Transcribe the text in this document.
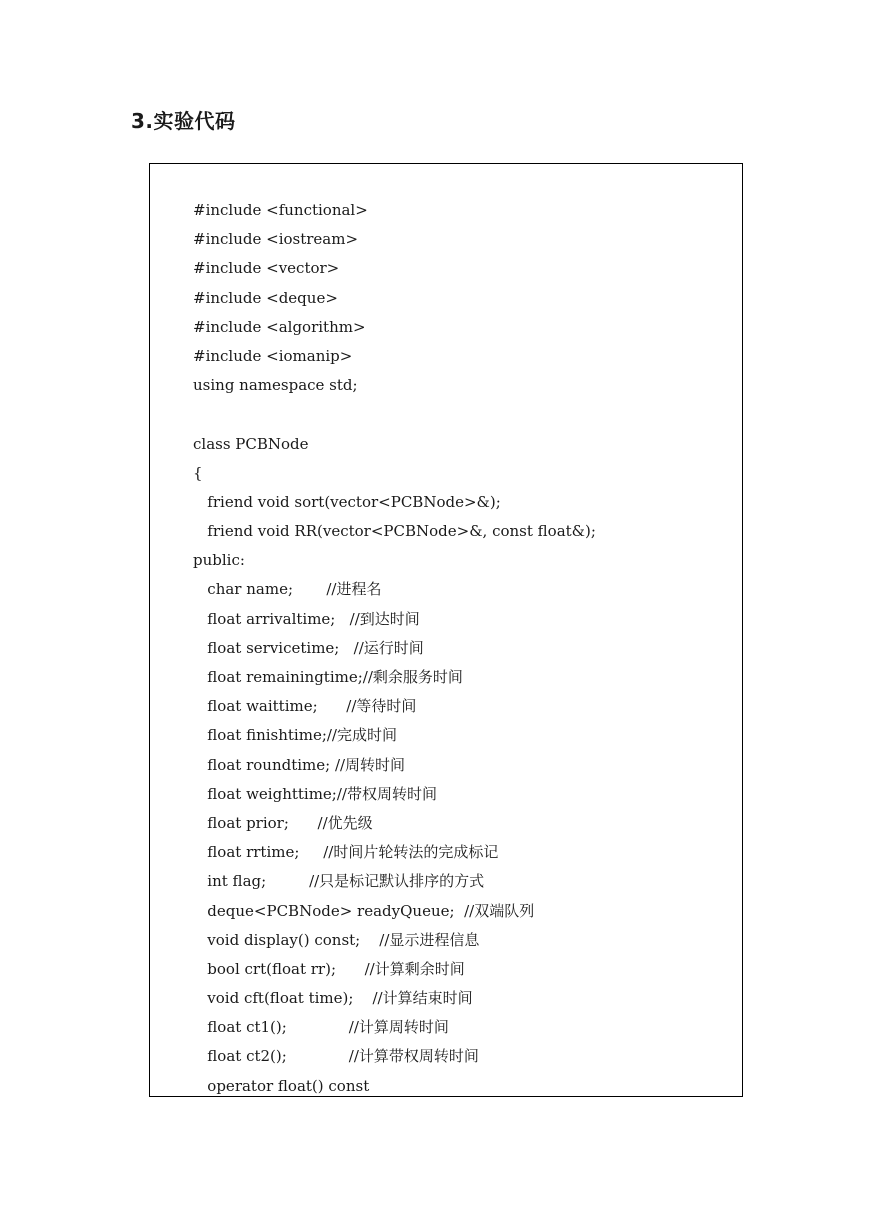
3.实验代码
#include <functional>
#include <iostream>
#include <vector>
#include <deque>
#include <algorithm>
#include <iomanip>
using namespace std;
class PCBNode
{
friend void sort(vector<PCBNode>&);
friend void RR(vector<PCBNode>&, const float&);
public:
char name;       //进程名
float arrivaltime;   //到达时间
float servicetime;   //运行时间
float remainingtime;//剩余服务时间
float waittime;      //等待时间
float finishtime;//完成时间
float roundtime; //周转时间
float weighttime;//带权周转时间
float prior;      //优先级
float rrtime;     //时间片轮转法的完成标记
int flag;         //只是标记默认排序的方式
deque<PCBNode> readyQueue;  //双端队列
void display() const;    //显示进程信息
bool crt(float rr);      //计算剩余时间
void cft(float time);    //计算结束时间
float ct1();             //计算周转时间
float ct2();             //计算带权周转时间
operator float() const
